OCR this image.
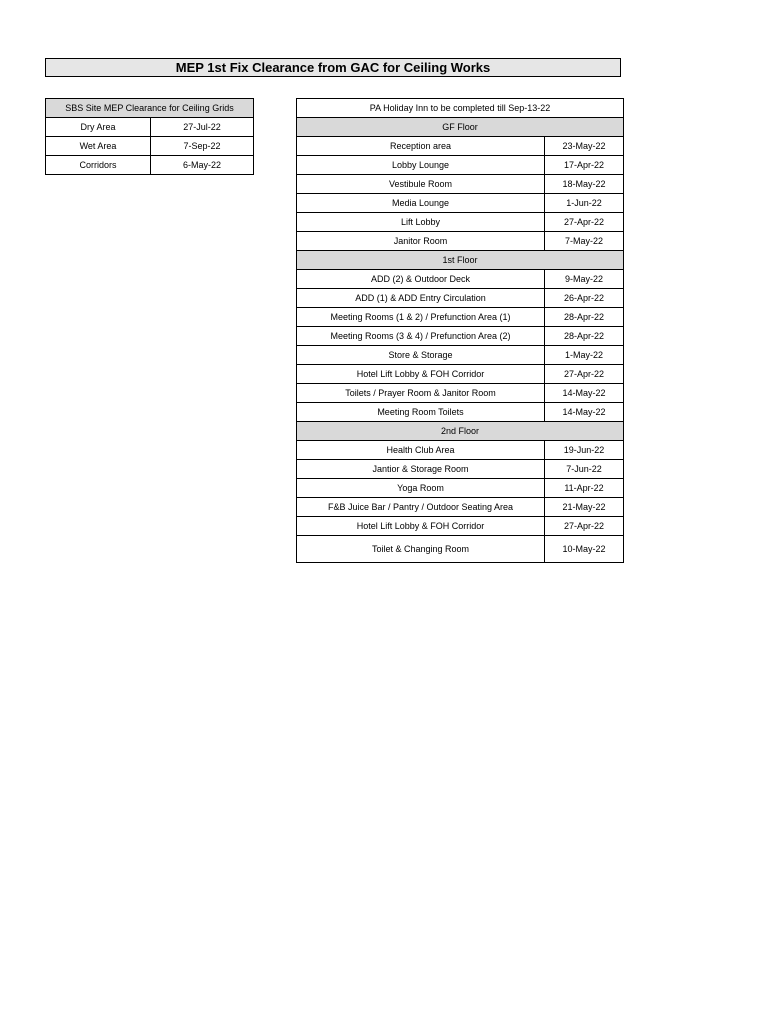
MEP 1st Fix Clearance from GAC for Ceiling Works
SBS Site MEP Clearance for Ceiling Grids	
Dry Area	27-Jul-22
Wet Area	7-Sep-22
Corridors	6-May-22
PA Holiday Inn to be completed till Sep-13-22	
GF Floor	
Reception area	23-May-22
Lobby Lounge	17-Apr-22
Vestibule Room	18-May-22
Media Lounge	1-Jun-22
Lift Lobby	27-Apr-22
Janitor Room	7-May-22
1st Floor	
ADD (2) & Outdoor Deck	9-May-22
ADD (1) & ADD Entry Circulation	26-Apr-22
Meeting Rooms (1 & 2) / Prefunction Area (1)	28-Apr-22
Meeting Rooms (3 & 4) / Prefunction Area (2)	28-Apr-22
Store & Storage	1-May-22
Hotel Lift Lobby & FOH Corridor	27-Apr-22
Toilets / Prayer Room & Janitor Room	14-May-22
Meeting Room Toilets	14-May-22
2nd Floor	
Health Club Area	19-Jun-22
Jantior & Storage Room	7-Jun-22
Yoga Room	11-Apr-22
F&B Juice Bar / Pantry / Outdoor Seating Area	21-May-22
Hotel Lift Lobby & FOH Corridor	27-Apr-22
Toilet & Changing Room	10-May-22
